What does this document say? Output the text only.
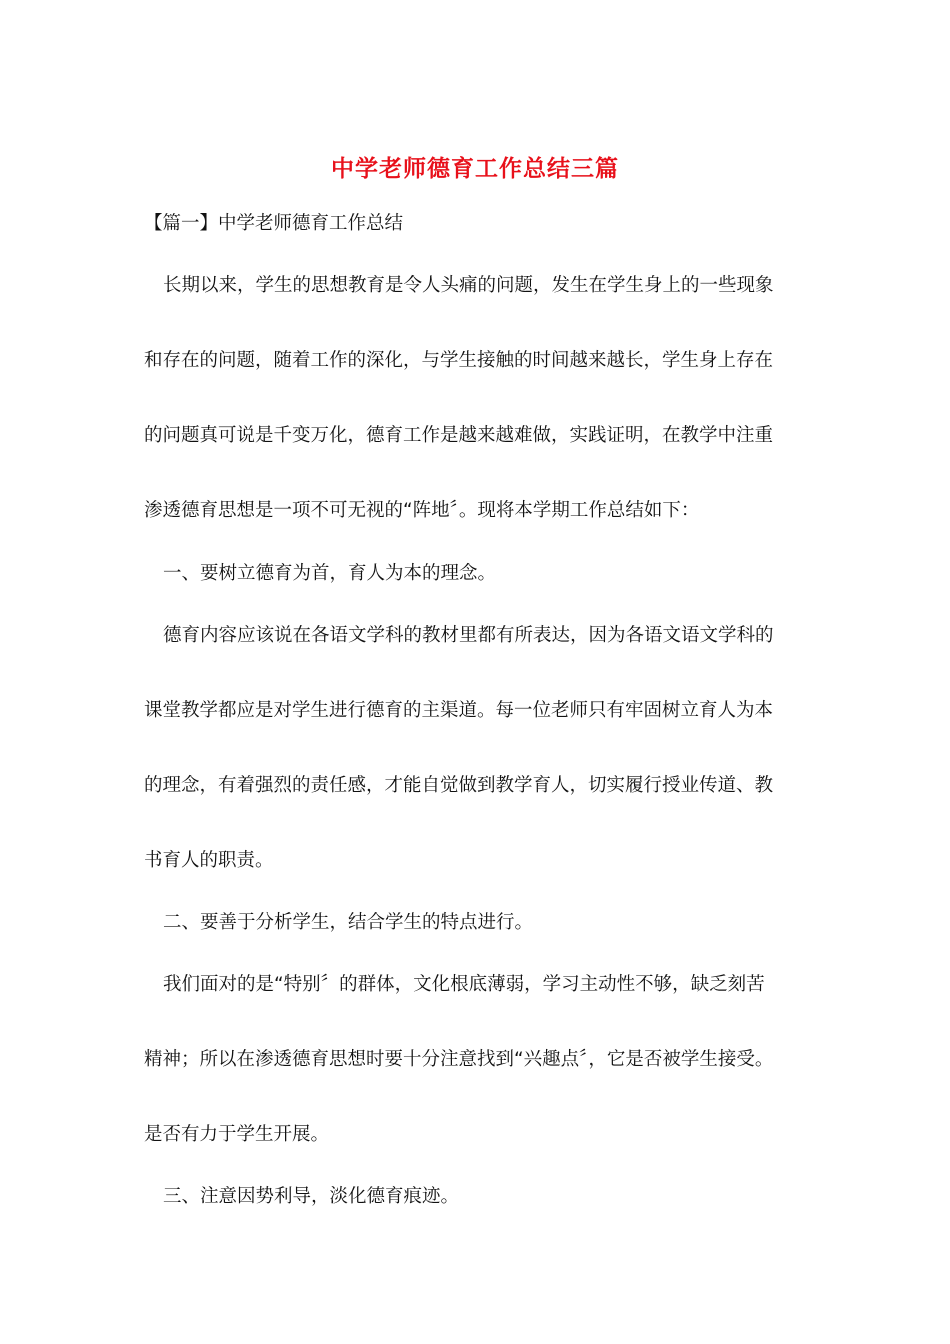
中学老师德育工作总结三篇
【篇一】中学老师德育工作总结
长期以来，学生的思想教育是令人头痛的问题，发生在学生身上的一些现象
和存在的问题，随着工作的深化，与学生接触的时间越来越长，学生身上存在
的问题真可说是千变万化，德育工作是越来越难做，实践证明，在教学中注重
渗透德育思想是一项不可无视的“阵地〞。现将本学期工作总结如下：
一、要树立德育为首，育人为本的理念。
德育内容应该说在各语文学科的教材里都有所表达，因为各语文语文学科的
课堂教学都应是对学生进行德育的主渠道。每一位老师只有牢固树立育人为本
的理念，有着强烈的责任感，才能自觉做到教学育人，切实履行授业传道、教
书育人的职责。
二、要善于分析学生，结合学生的特点进行。
我们面对的是“特别〞的群体，文化根底薄弱，学习主动性不够，缺乏刻苦
精神；所以在渗透德育思想时要十分注意找到“兴趣点〞，它是否被学生接受。
是否有力于学生开展。
三、注意因势利导，淡化德育痕迹。
